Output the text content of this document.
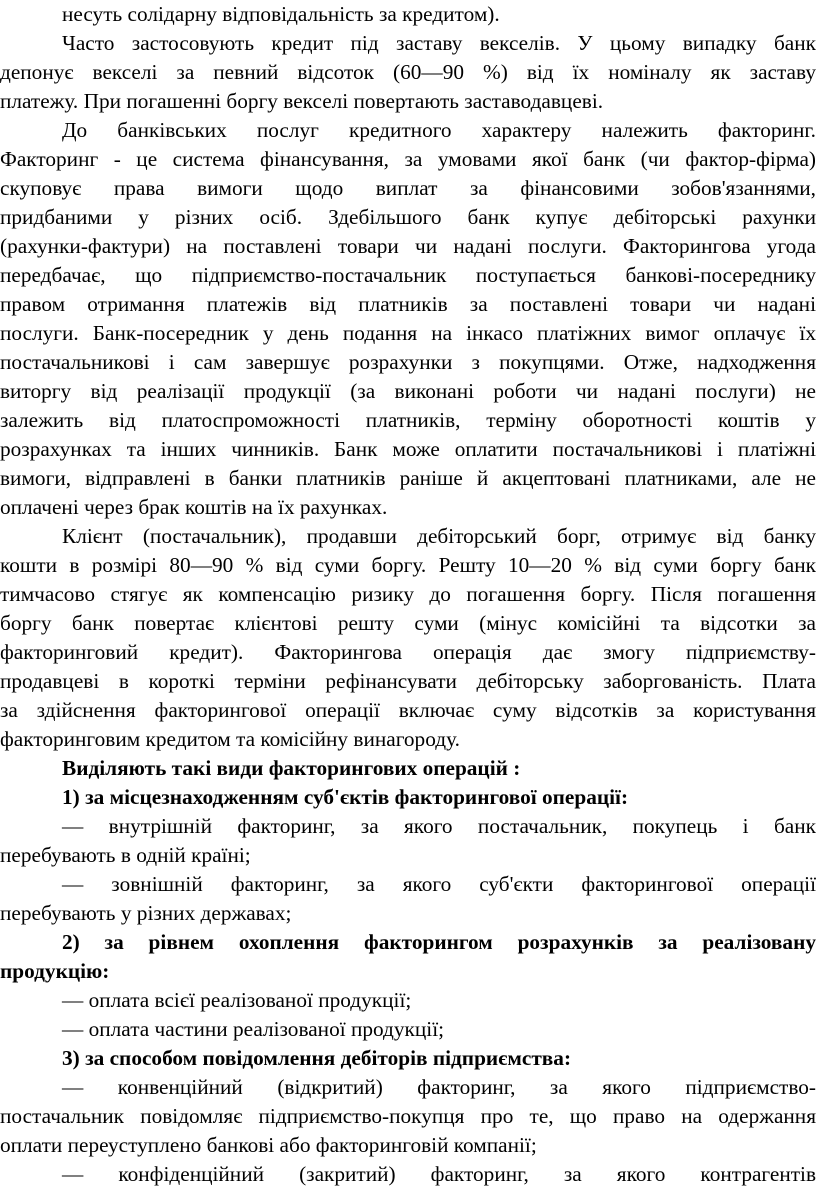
несуть солідарну відповідальність за кредитом).
Часто застосовують кредит під заставу векселів. У цьому випадку банк
депонує векселі за певний відсоток (60—90 %) від їх номіналу як заставу
платежу. При погашенні боргу векселі повертають заставодавцеві.
До банківських послуг кредитного характеру належить факторинг.
Факторинг - це система фінансування, за умовами якої банк (чи фактор-фірма)
скуповує права вимоги щодо виплат за фінансовими зобов'язаннями,
придбаними у різних осіб. Здебільшого банк купує дебіторські рахунки
(рахунки-фактури) на поставлені товари чи надані послуги. Факторингова угода
передбачає, що підприємство-постачальник поступається банкові-посереднику
правом отримання платежів від платників за поставлені товари чи надані
послуги. Банк-посередник у день подання на інкасо платіжних вимог оплачує їх
постачальникові і сам завершує розрахунки з покупцями. Отже, надходження
виторгу від реалізації продукції (за виконані роботи чи надані послуги) не
залежить від платоспроможності платників, терміну оборотності коштів у
розрахунках та інших чинників. Банк може оплатити постачальникові і платіжні
вимоги, відправлені в банки платників раніше й акцептовані платниками, але не
оплачені через брак коштів на їх рахунках.
Клієнт (постачальник), продавши дебіторський борг, отримує від банку
кошти в розмірі 80—90 % від суми боргу. Решту 10—20 % від суми боргу банк
тимчасово стягує як компенсацію ризику до погашення боргу. Після погашення
боргу банк повертає клієнтові решту суми (мінус комісійні та відсотки за
факторинговий кредит). Факторингова операція дає змогу підприємству-
продавцеві в короткі терміни рефінансувати дебіторську заборгованість. Плата
за здійснення факторингової операції включає суму відсотків за користування
факторинговим кредитом та комісійну винагороду.
Виділяють такі види факторингових операцій :
1) за місцезнаходженням суб'єктів факторингової операції:
— внутрішній факторинг, за якого постачальник, покупець і банк
перебувають в одній країні;
— зовнішній факторинг, за якого суб'єкти факторингової операції
перебувають у різних державах;
2) за рівнем охоплення факторингом розрахунків за реалізовану
продукцію:
— оплата всієї реалізованої продукції;
— оплата частини реалізованої продукції;
3) за способом повідомлення дебіторів підприємства:
— конвенційний (відкритий) факторинг, за якого підприємство-
постачальник повідомляє підприємство-покупця про те, що право на одержання
оплати переуступлено банкові або факторинговій компанії;
— конфіденційний (закритий) факторинг, за якого контрагентів
